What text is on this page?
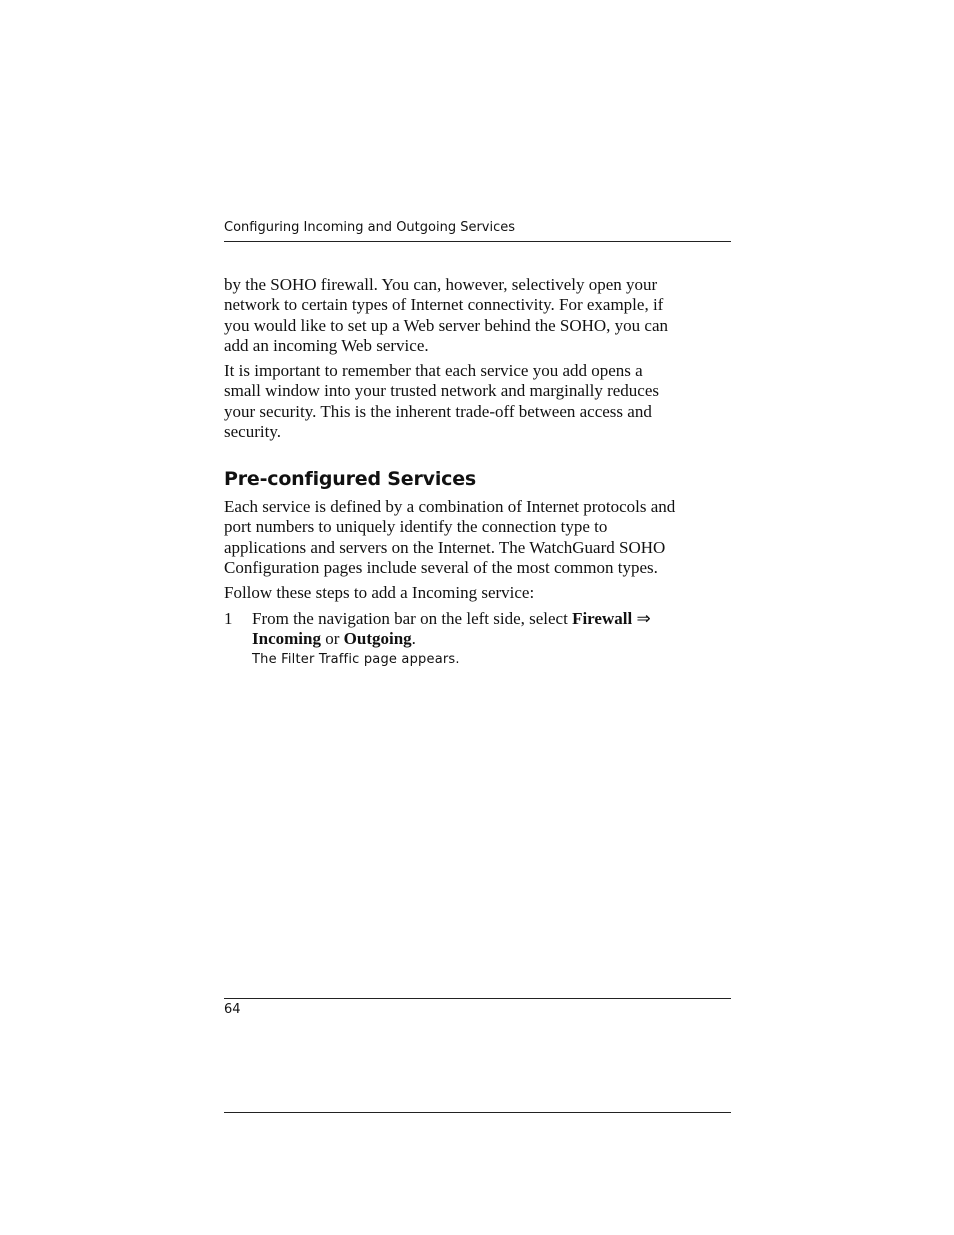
Configuring Incoming and Outgoing Services
by the SOHO firewall. You can, however, selectively open your
network to certain types of Internet connectivity. For example, if
you would like to set up a Web server behind the SOHO, you can
add an incoming Web service.
It is important to remember that each service you add opens a
small window into your trusted network and marginally reduces
your security. This is the inherent trade-off between access and
security.
Pre-configured Services
Each service is defined by a combination of Internet protocols and
port numbers to uniquely identify the connection type to
applications and servers on the Internet. The WatchGuard SOHO
Configuration pages include several of the most common types.
Follow these steps to add a Incoming service:
1 From the navigation bar on the left side, select Firewall ⇒
Incoming or Outgoing.
The Filter Traffic page appears.
64
